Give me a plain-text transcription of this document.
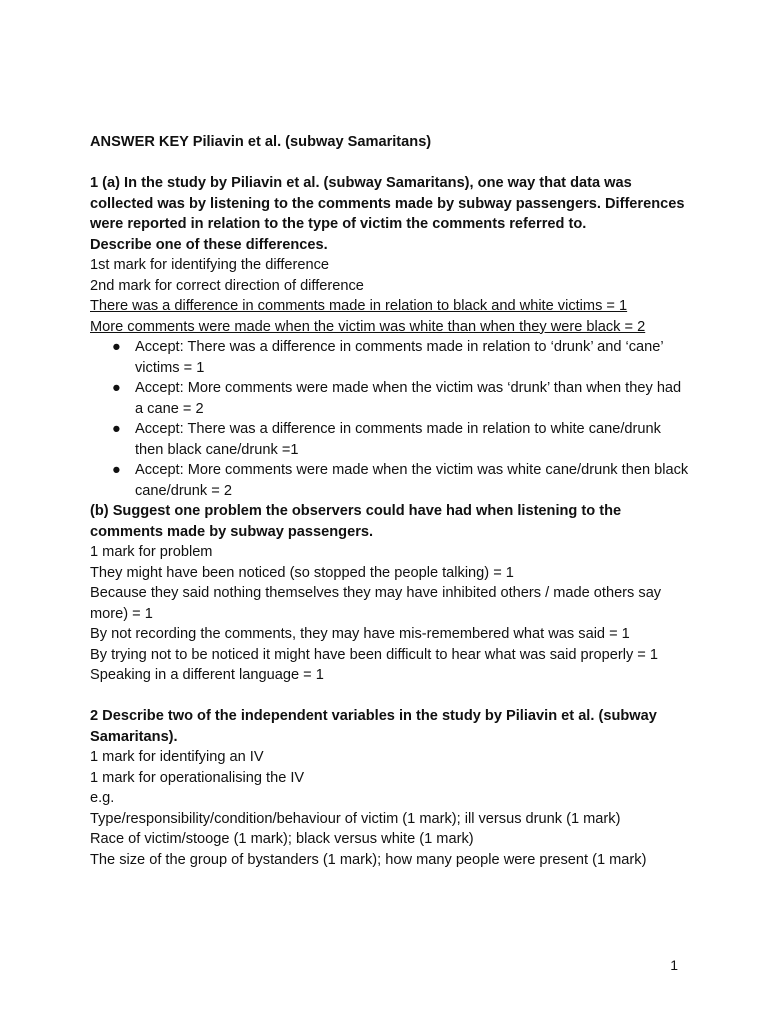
ANSWER KEY Piliavin et al. (subway Samaritans)
1 (a) In the study by Piliavin et al. (subway Samaritans), one way that data was collected was by listening to the comments made by subway passengers. Differences were reported in relation to the type of victim the comments referred to.
Describe one of these differences.
1st mark for identifying the difference
2nd mark for correct direction of difference
There was a difference in comments made in relation to black and white victims = 1
More comments were made when the victim was white than when they were black = 2
● Accept: There was a difference in comments made in relation to ‘drunk’ and ‘cane’ victims = 1
● Accept: More comments were made when the victim was ‘drunk’ than when they had a cane = 2
● Accept: There was a difference in comments made in relation to white cane/drunk then black cane/drunk =1
● Accept: More comments were made when the victim was white cane/drunk then black cane/drunk = 2
(b) Suggest one problem the observers could have had when listening to the comments made by subway passengers.
1 mark for problem
They might have been noticed (so stopped the people talking) = 1
Because they said nothing themselves they may have inhibited others / made others say more) = 1
By not recording the comments, they may have mis-remembered what was said = 1
By trying not to be noticed it might have been difficult to hear what was said properly = 1
Speaking in a different language = 1
2 Describe two of the independent variables in the study by Piliavin et al. (subway Samaritans).
1 mark for identifying an IV
1 mark for operationalising the IV
e.g.
Type/responsibility/condition/behaviour of victim (1 mark); ill versus drunk (1 mark)
Race of victim/stooge (1 mark); black versus white (1 mark)
The size of the group of bystanders (1 mark); how many people were present (1 mark)
1
